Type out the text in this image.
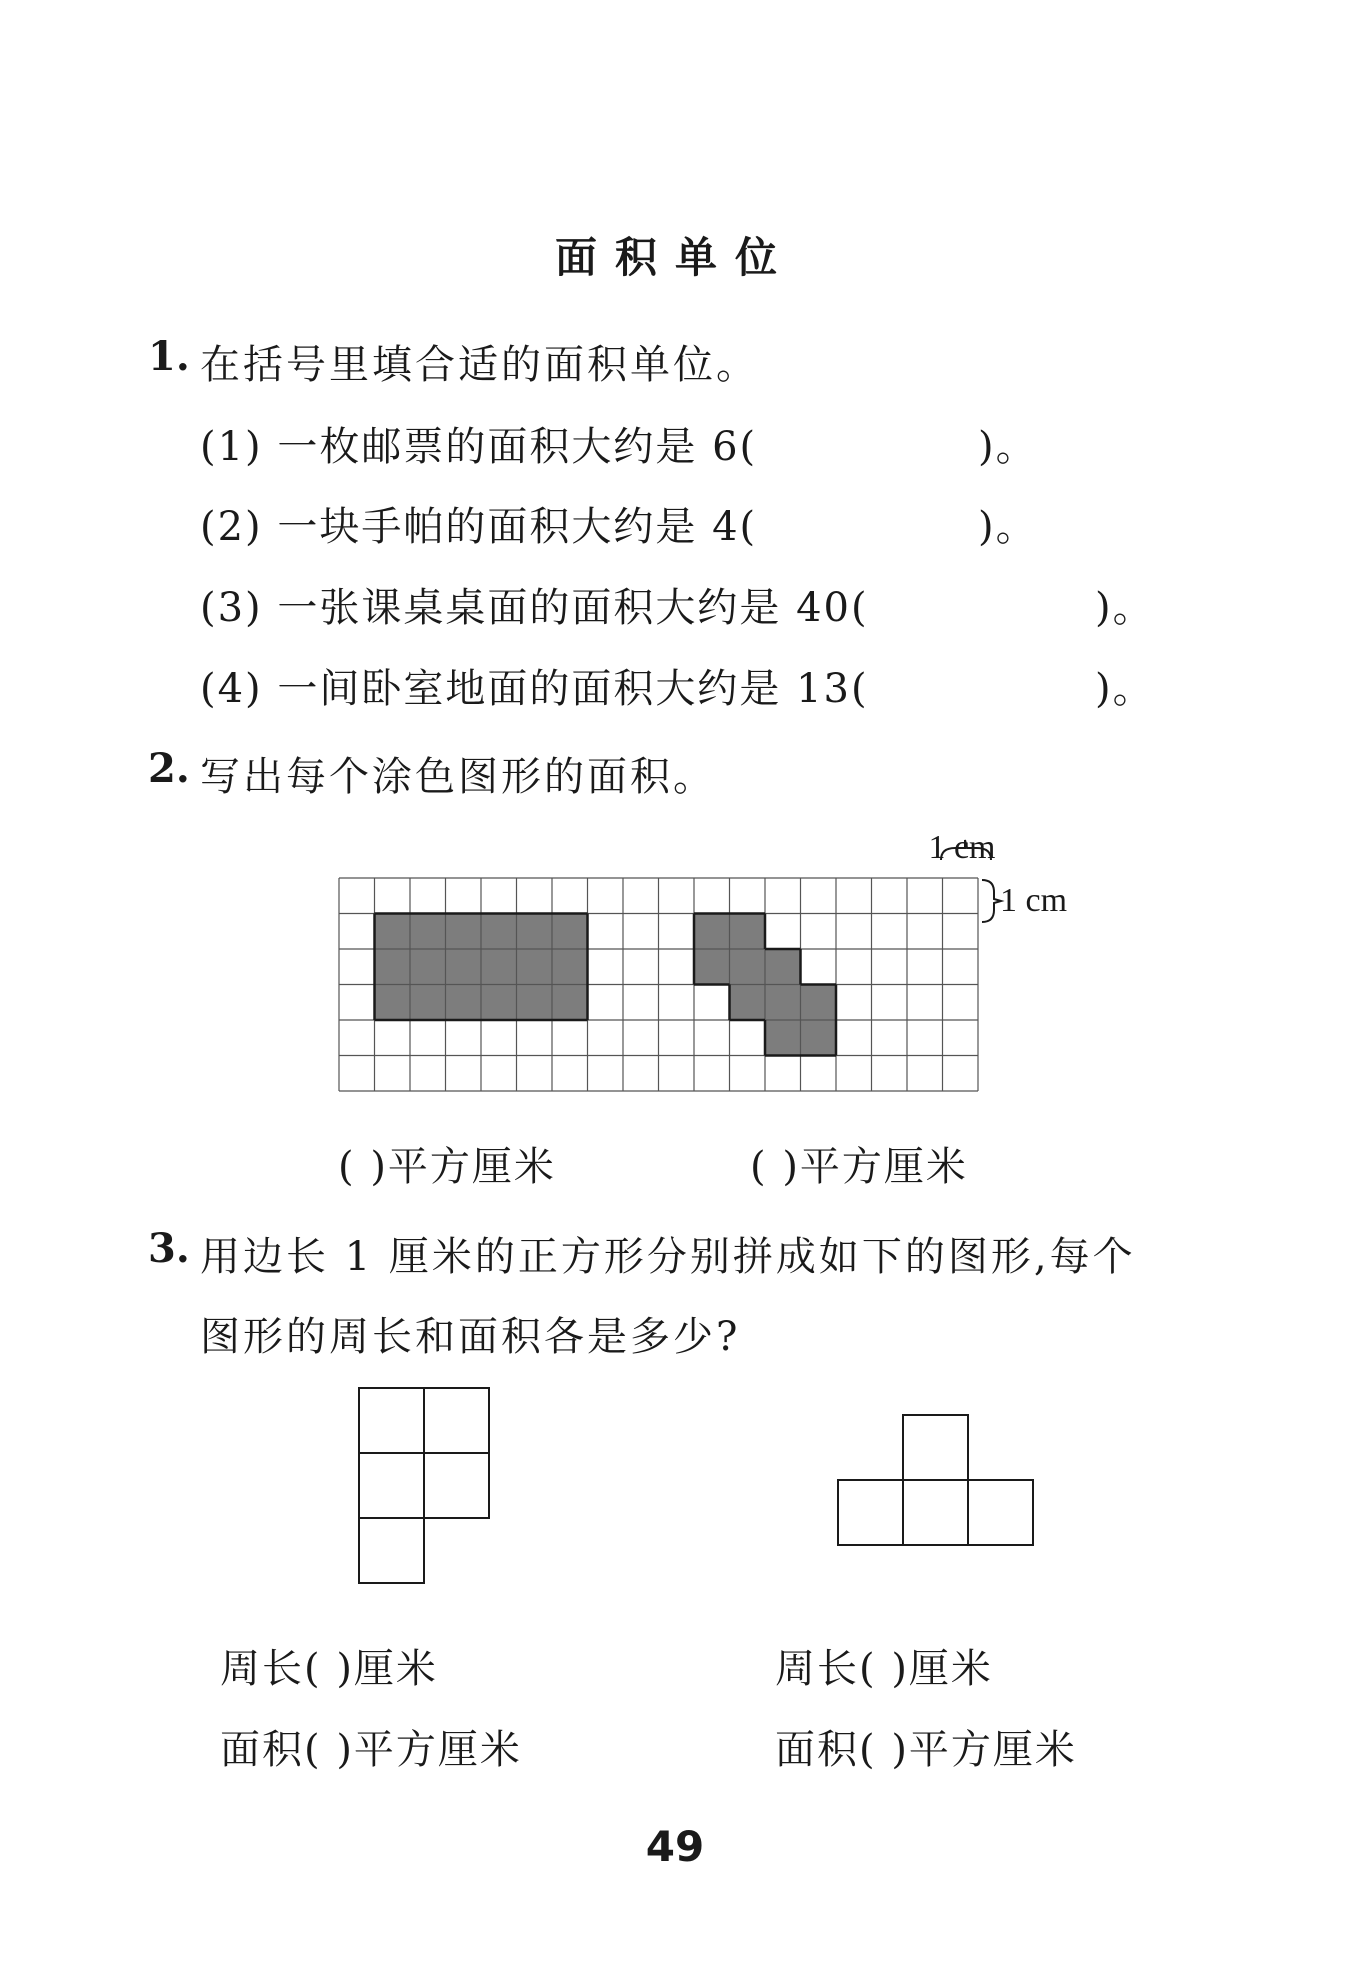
面积单位
1. 在括号里填合适的面积单位。
(1) 一枚邮票的面积大约是 6(	)。
(2) 一块手帕的面积大约是 4(	)。
(3) 一张课桌桌面的面积大约是 40(	)。
(4) 一间卧室地面的面积大约是 13(	)。
2. 写出每个涂色图形的面积。
1 cm
1 cm
( )平方厘米	( )平方厘米
3. 用边长 1 厘米的正方形分别拼成如下的图形,每个
图形的周长和面积各是多少?
周长( )厘米
面积( )平方厘米
周长( )厘米
面积( )平方厘米
49
